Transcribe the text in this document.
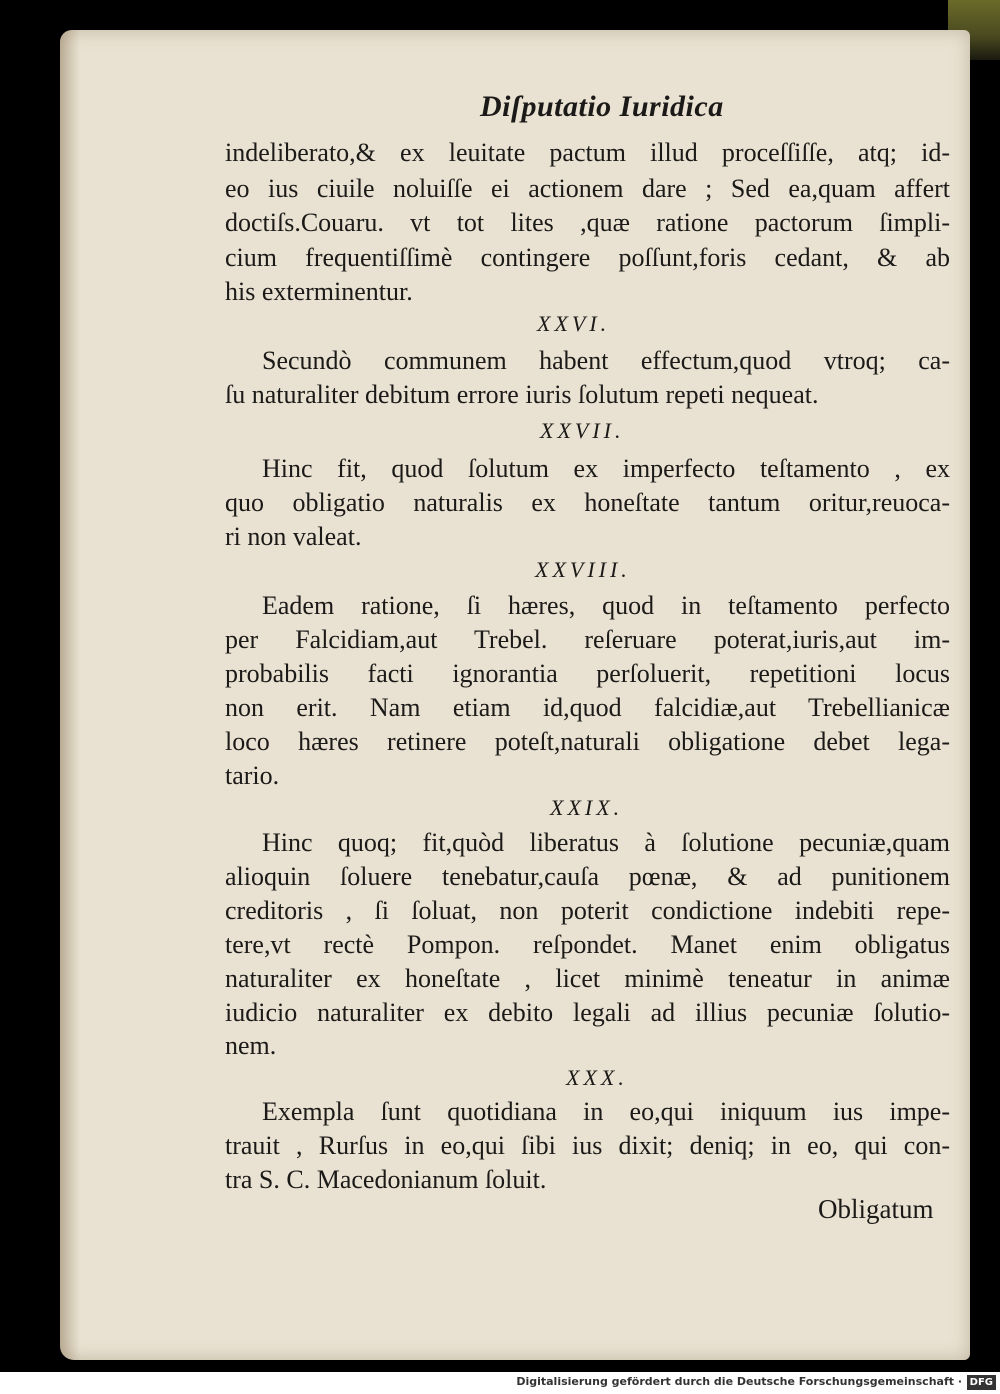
Diſputatio Iuridica
indeliberato,& ex leuitate pactum illud proceſſiſſe, atq; id-
eo ius ciuile noluiſſe ei actionem dare ; Sed ea,quam affert
doctiſs.Couaru. vt tot lites ,quæ ratione pactorum ſimpli-
cium frequentiſſimè contingere poſſunt,foris cedant, & ab
his exterminentur.
XXVI.
Secundò communem habent effectum,quod vtroq; ca-
ſu naturaliter debitum errore iuris ſolutum repeti nequeat.
XXVII.
Hinc fit, quod ſolutum ex imperfecto teſtamento , ex
quo obligatio naturalis ex honeſtate tantum oritur,reuoca-
ri non valeat.
XXVIII.
Eadem ratione, ſi hæres, quod in teſtamento perfecto
per Falcidiam,aut Trebel. reſeruare poterat,iuris,aut im-
probabilis facti ignorantia perſoluerit, repetitioni locus
non erit. Nam etiam id,quod falcidiæ,aut Trebellianicæ
loco hæres retinere poteſt,naturali obligatione debet lega-
tario.
XXIX.
Hinc quoq; fit,quòd liberatus à ſolutione pecuniæ,quam
alioquin ſoluere tenebatur,cauſa pœnæ, & ad punitionem
creditoris , ſi ſoluat, non poterit condictione indebiti repe-
tere,vt rectè Pompon. reſpondet. Manet enim obligatus
naturaliter ex honeſtate , licet minimè teneatur in animæ
iudicio naturaliter ex debito legali ad illius pecuniæ ſolutio-
nem.
XXX.
Exempla ſunt quotidiana in eo,qui iniquum ius impe-
trauit , Rurſus in eo,qui ſibi ius dixit; deniq; in eo, qui con-
tra S. C. Macedonianum ſoluit.
Obligatum
Digitalisierung gefördert durch die Deutsche Forschungsgemeinschaft · DFG
